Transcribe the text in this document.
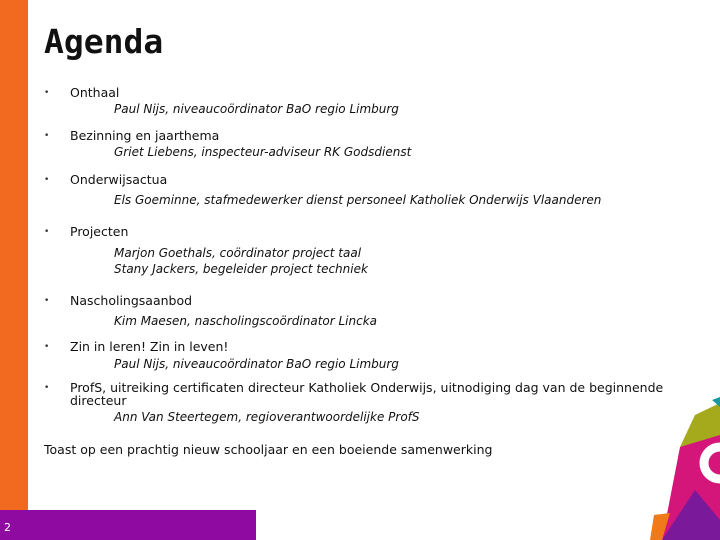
Agenda
• Onthaal
Paul Nijs, niveaucoördinator BaO regio Limburg
• Bezinning en jaarthema
Griet Liebens, inspecteur-adviseur RK Godsdienst
• Onderwijsactua
Els Goeminne, stafmedewerker dienst personeel Katholiek Onderwijs Vlaanderen
• Projecten
Marjon Goethals, coördinator project taal
Stany Jackers, begeleider project techniek
• Nascholingsaanbod
Kim Maesen, nascholingscoördinator Lincka
• Zin in leren! Zin in leven!
Paul Nijs, niveaucoördinator BaO regio Limburg
• ProfS, uitreiking certificaten directeur Katholiek Onderwijs, uitnodiging dag van de beginnende directeur
Ann Van Steertegem, regioverantwoordelijke ProfS
Toast op een prachtig nieuw schooljaar en een boeiende samenwerking
2
